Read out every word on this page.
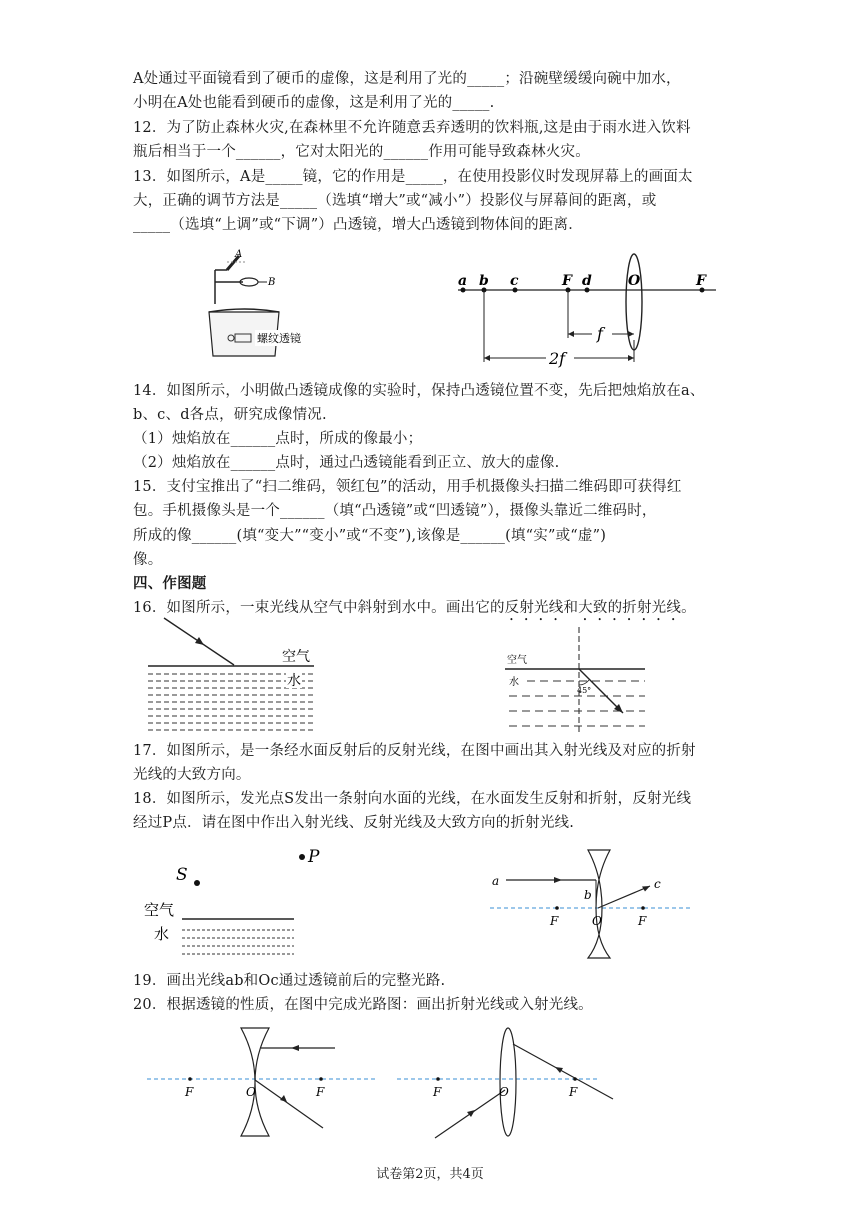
A处通过平面镜看到了硬币的虚像，这是利用了光的_____；沿碗壁缓缓向碗中加水，
小明在A处也能看到硬币的虚像，这是利用了光的_____.
12．为了防止森林火灾,在森林里不允许随意丢弃透明的饮料瓶,这是由于雨水进入饮料
瓶后相当于一个______，它对太阳光的______作用可能导致森林火灾。
13．如图所示，A是_____镜，它的作用是_____，在使用投影仪时发现屏幕上的画面太
大，正确的调节方法是_____（选填“增大”或“减小”）投影仪与屏幕间的距离，或
_____（选填“上调”或“下调”）凸透镜，增大凸透镜到物体间的距离．
A
B
螺纹透镜
a b c	F d	O	F
f
2f
14．如图所示，小明做凸透镜成像的实验时，保持凸透镜位置不变，先后把烛焰放在a、
b、c、d各点，研究成像情况.
（1）烛焰放在______点时，所成的像最小；
（2）烛焰放在______点时，通过凸透镜能看到正立、放大的虚像.
15．支付宝推出了“扫二维码，领红包”的活动，用手机摄像头扫描二维码即可获得红
包。手机摄像头是一个______（填“凸透镜”或“凹透镜”），摄像头靠近二维码时，
所成的像______(填“变大”“变小”或“不变”),该像是______(填“实”或“虚”)
像。
四、作图题
16．如图所示，一束光线从空气中斜射到水中。画出它的反射光线和大致的折射光线。
空气
水
空气
水
45°
17．如图所示，是一条经水面反射后的反射光线，在图中画出其入射光线及对应的折射
光线的大致方向。
18．如图所示，发光点S发出一条射向水面的光线，在水面发生反射和折射，反射光线
经过P点．请在图中作出入射光线、反射光线及大致方向的折射光线.
S
P
空气
水
a
b
c
F	O	F
19．画出光线ab和Oc通过透镜前后的完整光路.
20．根据透镜的性质，在图中完成光路图：画出折射光线或入射光线。
F	O	F	F	O	F
试卷第2页，共4页
